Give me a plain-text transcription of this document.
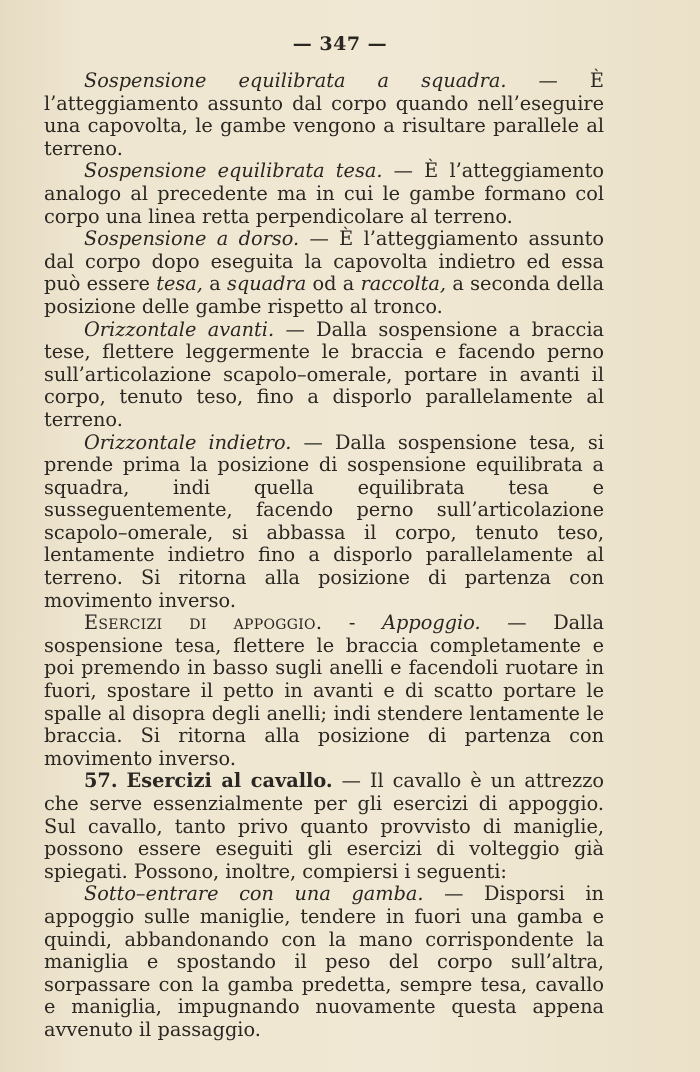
— 347 —

Sospensione equilibrata a squadra. — È l’atteggiamento assunto dal corpo quando nell’eseguire una capovolta, le gambe vengono a risultare parallele al terreno.

Sospensione equilibrata tesa. — È l’atteggiamento analogo al precedente ma in cui le gambe formano col corpo una linea retta perpendicolare al terreno.

Sospensione a dorso. — È l’atteggiamento assunto dal corpo dopo eseguita la capovolta indietro ed essa può essere tesa, a squadra od a raccolta, a seconda della posizione delle gambe rispetto al tronco.

Orizzontale avanti. — Dalla sospensione a braccia tese, flettere leggermente le braccia e facendo perno sull’articolazione scapolo–omerale, portare in avanti il corpo, tenuto teso, fino a disporlo parallelamente al terreno.

Orizzontale indietro. — Dalla sospensione tesa, si prende prima la posizione di sospensione equilibrata a squadra, indi quella equilibrata tesa e susseguentemente, facendo perno sull’articolazione scapolo–omerale, si abbassa il corpo, tenuto teso, lentamente indietro fino a disporlo parallelamente al terreno. Si ritorna alla posizione di partenza con movimento inverso.

Esercizi di appoggio. - Appoggio. — Dalla sospensione tesa, flettere le braccia completamente e poi premendo in basso sugli anelli e facendoli ruotare in fuori, spostare il petto in avanti e di scatto portare le spalle al disopra degli anelli; indi stendere lentamente le braccia. Si ritorna alla posizione di partenza con movimento inverso.

57. Esercizi al cavallo. — Il cavallo è un attrezzo che serve essenzialmente per gli esercizi di appoggio. Sul cavallo, tanto privo quanto provvisto di maniglie, possono essere eseguiti gli esercizi di volteggio già spiegati. Possono, inoltre, compiersi i seguenti:

Sotto–entrare con una gamba. — Disporsi in appoggio sulle maniglie, tendere in fuori una gamba e quindi, abbandonando con la mano corrispondente la maniglia e spostando il peso del corpo sull’altra, sorpassare con la gamba predetta, sempre tesa, cavallo e maniglia, impugnando nuovamente questa appena avvenuto il passaggio.
